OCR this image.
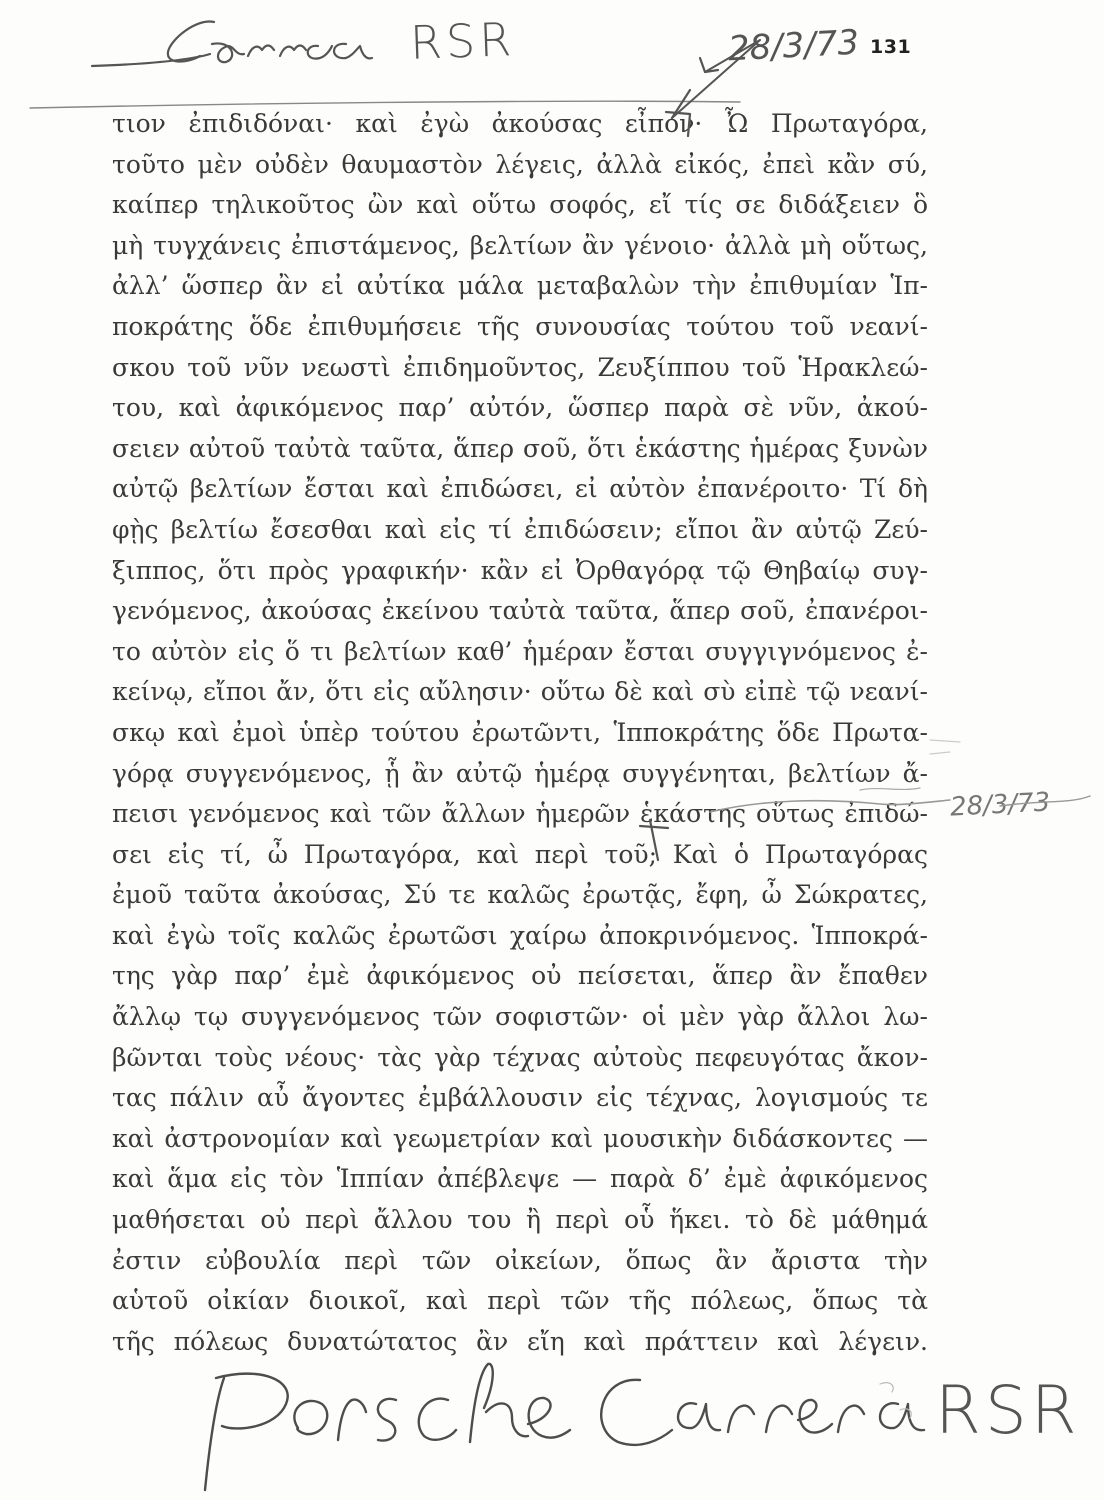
131
τιον ἐπιδιδόναι· καὶ ἐγὼ ἀκούσας εἶπον· Ὦ Πρωταγόρα,
τοῦτο μὲν οὐδὲν θαυμαστὸν λέγεις, ἀλλὰ εἰκός, ἐπεὶ κἂν σύ,
καίπερ τηλικοῦτος ὢν καὶ οὕτω σοφός, εἴ τίς σε διδάξειεν ὃ
μὴ τυγχάνεις ἐπιστάμενος, βελτίων ἂν γένοιο· ἀλλὰ μὴ οὕτως,
ἀλλ’ ὥσπερ ἂν εἰ αὐτίκα μάλα μεταβαλὼν τὴν ἐπιθυμίαν Ἱπ-
ποκράτης ὅδε ἐπιθυμήσειε τῆς συνουσίας τούτου τοῦ νεανί-
σκου τοῦ νῦν νεωστὶ ἐπιδημοῦντος, Ζευξίππου τοῦ Ἡρακλεώ-
του, καὶ ἀφικόμενος παρ’ αὐτόν, ὥσπερ παρὰ σὲ νῦν, ἀκού-
σειεν αὐτοῦ ταὐτὰ ταῦτα, ἅπερ σοῦ, ὅτι ἑκάστης ἡμέρας ξυνὼν
αὐτῷ βελτίων ἔσται καὶ ἐπιδώσει, εἰ αὐτὸν ἐπανέροιτο· Τί δὴ
φῂς βελτίω ἔσεσθαι καὶ εἰς τί ἐπιδώσειν; εἴποι ἂν αὐτῷ Ζεύ-
ξιππος, ὅτι πρὸς γραφικήν· κἂν εἰ Ὀρθαγόρᾳ τῷ Θηβαίῳ συγ-
γενόμενος, ἀκούσας ἐκείνου ταὐτὰ ταῦτα, ἅπερ σοῦ, ἐπανέροι-
το αὐτὸν εἰς ὅ τι βελτίων καθ’ ἡμέραν ἔσται συγγιγνόμενος ἐ-
κείνῳ, εἴποι ἄν, ὅτι εἰς αὔλησιν· οὕτω δὲ καὶ σὺ εἰπὲ τῷ νεανί-
σκῳ καὶ ἐμοὶ ὑπὲρ τούτου ἐρωτῶντι, Ἱπποκράτης ὅδε Πρωτα-
γόρᾳ συγγενόμενος, ᾗ ἂν αὐτῷ ἡμέρᾳ συγγένηται, βελτίων ἄ-
πεισι γενόμενος καὶ τῶν ἄλλων ἡμερῶν ἑκάστης οὕτως ἐπιδώ-
σει εἰς τί, ὦ Πρωταγόρα, καὶ περὶ τοῦ; Καὶ ὁ Πρωταγόρας
ἐμοῦ ταῦτα ἀκούσας, Σύ τε καλῶς ἐρωτᾷς, ἔφη, ὦ Σώκρατες,
καὶ ἐγὼ τοῖς καλῶς ἐρωτῶσι χαίρω ἀποκρινόμενος. Ἱπποκρά-
της γὰρ παρ’ ἐμὲ ἀφικόμενος οὐ πείσεται, ἅπερ ἂν ἔπαθεν
ἄλλῳ τῳ συγγενόμενος τῶν σοφιστῶν· οἱ μὲν γὰρ ἄλλοι λω-
βῶνται τοὺς νέους· τὰς γὰρ τέχνας αὐτοὺς πεφευγότας ἄκον-
τας πάλιν αὖ ἄγοντες ἐμβάλλουσιν εἰς τέχνας, λογισμούς τε
καὶ ἀστρονομίαν καὶ γεωμετρίαν καὶ μουσικὴν διδάσκοντες —
καὶ ἅμα εἰς τὸν Ἱππίαν ἀπέβλεψε — παρὰ δ’ ἐμὲ ἀφικόμενος
μαθήσεται οὐ περὶ ἄλλου του ἢ περὶ οὗ ἥκει. τὸ δὲ μάθημά
ἐστιν εὐβουλία περὶ τῶν οἰκείων, ὅπως ἂν ἄριστα τὴν
αὑτοῦ οἰκίαν διοικοῖ, καὶ περὶ τῶν τῆς πόλεως, ὅπως τὰ
τῆς πόλεως δυνατώτατος ἂν εἴη καὶ πράττειν καὶ λέγειν.
RSR	28/3/73
28/3/73
RSR
